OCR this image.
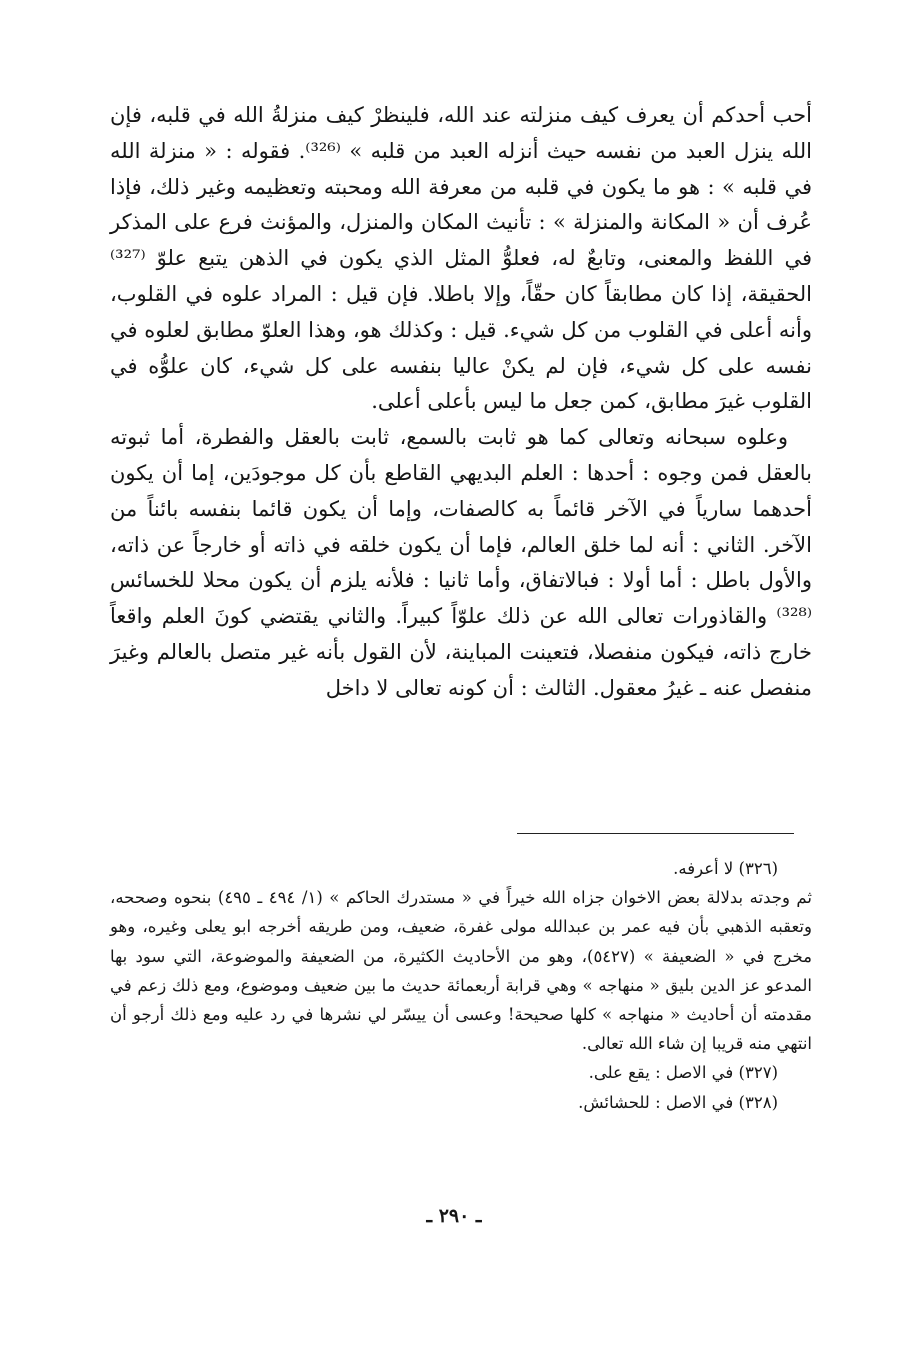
أحب أحدكم أن يعرف كيف منزلته عند الله، فلينظرْ كيف منزلةُ الله في قلبه، فإن الله ينزل العبد من نفسه حيث أنزله العبد من قلبه » ⁽³²⁶⁾. فقوله : « منزلة الله في قلبه » : هو ما يكون في قلبه من معرفة الله ومحبته وتعظيمه وغير ذلك، فإذا عُرف أن « المكانة والمنزلة » : تأنيث المكان والمنزل، والمؤنث فرع على المذكر في اللفظ والمعنى، وتابعٌ له، فعلوُّ المثل الذي يكون في الذهن يتبع علوّ ⁽³²⁷⁾ الحقيقة، إذا كان مطابقاً كان حقّاً، وإلا باطلا. فإن قيل : المراد علوه في القلوب، وأنه أعلى في القلوب من كل شيء. قيل : وكذلك هو، وهذا العلوّ مطابق لعلوه في نفسه على كل شيء، فإن لم يكنْ عاليا بنفسه على كل شيء، كان علوُّه في القلوب غيرَ مطابق، كمن جعل ما ليس بأعلى أعلى.

وعلوه سبحانه وتعالى كما هو ثابت بالسمع، ثابت بالعقل والفطرة، أما ثبوته بالعقل فمن وجوه : أحدها : العلم البديهي القاطع بأن كل موجودَين، إما أن يكون أحدهما سارياً في الآخر قائماً به كالصفات، وإما أن يكون قائما بنفسه بائناً من الآخر. الثاني : أنه لما خلق العالم، فإما أن يكون خلقه في ذاته أو خارجاً عن ذاته، والأول باطل : أما أولا : فبالاتفاق، وأما ثانيا : فلأنه يلزم أن يكون محلا للخسائس ⁽³²⁸⁾ والقاذورات تعالى الله عن ذلك علوّاً كبيراً. والثاني يقتضي كونَ العلم واقعاً خارج ذاته، فيكون منفصلا، فتعينت المباينة، لأن القول بأنه غير متصل بالعالم وغيرَ منفصل عنه ـ غيرُ معقول. الثالث : أن كونه تعالى لا داخل

(٣٢٦) لا أعرفه.

ثم وجدته بدلالة بعض الاخوان جزاه الله خيراً في « مستدرك الحاكم » (١/ ٤٩٤ ـ ٤٩٥) بنحوه وصححه، وتعقبه الذهبي بأن فيه عمر بن عبدالله مولى غفرة، ضعيف، ومن طريقه أخرجه ابو يعلى وغيره، وهو مخرج في « الضعيفة » (٥٤٢٧)، وهو من الأحاديث الكثيرة، من الضعيفة والموضوعة، التي سود بها المدعو عز الدين بليق « منهاجه » وهي قرابة أربعمائة حديث ما بين ضعيف وموضوع، ومع ذلك زعم في مقدمته أن أحاديث « منهاجه » كلها صحيحة! وعسى أن ييسّر لي نشرها في رد عليه ومع ذلك أرجو أن انتهي منه قريبا إن شاء الله تعالى.

(٣٢٧) في الاصل : يقع على.

(٣٢٨) في الاصل : للحشائش.

ـ ٢٩٠ ـ
